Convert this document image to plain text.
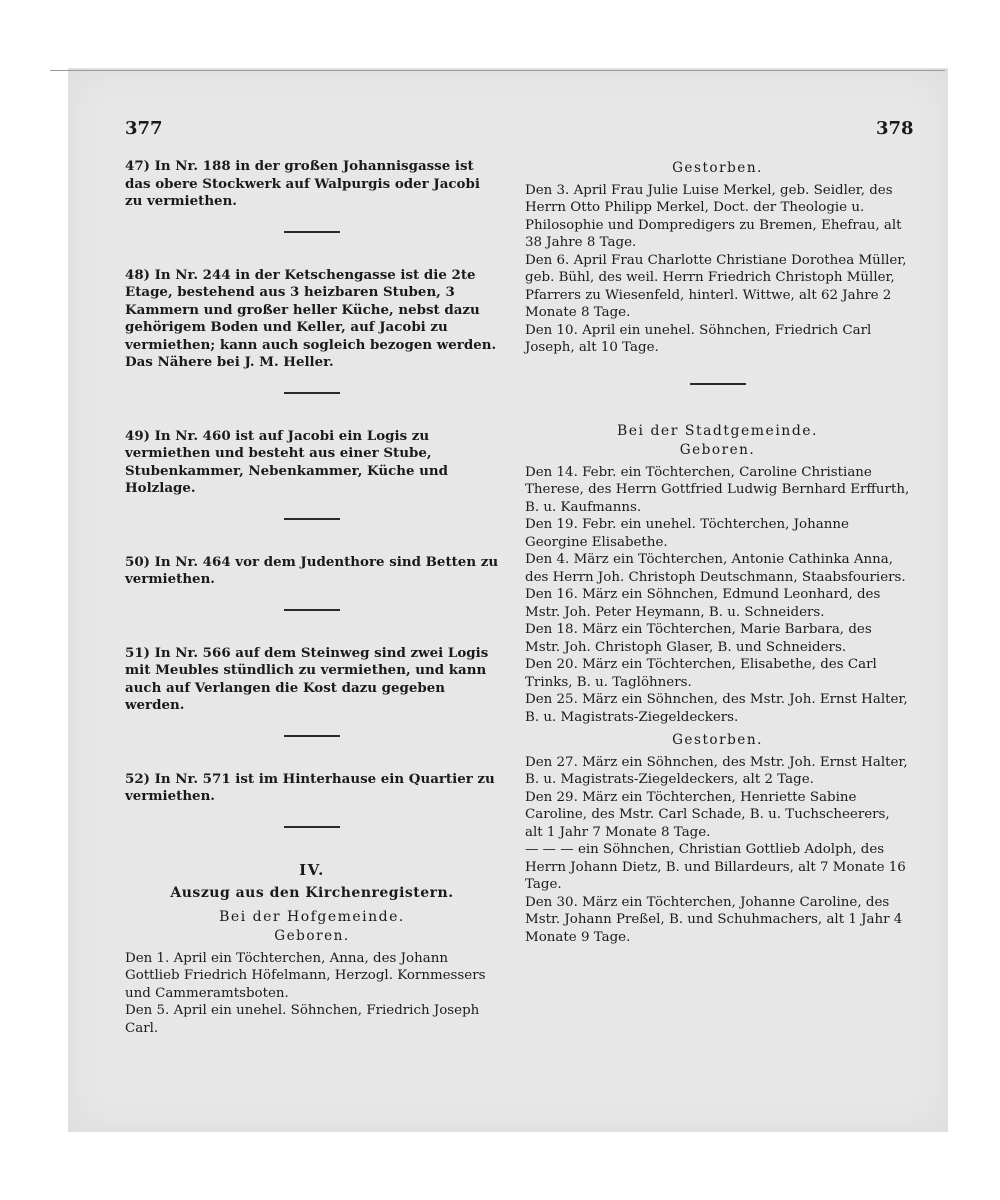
377	378

47) In Nr. 188 in der großen Johannisgasse ist das obere Stockwerk auf Walpurgis oder Jacobi zu vermiethen.

48) In Nr. 244 in der Ketschengasse ist die 2te Etage, bestehend aus 3 heizbaren Stuben, 3 Kammern und großer heller Küche, nebst dazu gehörigem Boden und Keller, auf Jacobi zu vermiethen; kann auch sogleich bezogen werden. Das Nähere bei J. M. Heller.

49) In Nr. 460 ist auf Jacobi ein Logis zu vermiethen und besteht aus einer Stube, Stubenkammer, Nebenkammer, Küche und Holzlage.

50) In Nr. 464 vor dem Judenthore sind Betten zu vermiethen.

51) In Nr. 566 auf dem Steinweg sind zwei Logis mit Meubles stündlich zu vermiethen, und kann auch auf Verlangen die Kost dazu gegeben werden.

52) In Nr. 571 ist im Hinterhause ein Quartier zu vermiethen.

IV.

Auszug aus den Kirchenregistern.

Bei der Hofgemeinde.

Geboren.

Den 1. April ein Töchterchen, Anna, des Johann Gottlieb Friedrich Höfelmann, Herzogl. Kornmessers und Cammeramtsboten.

Den 5. April ein unehel. Söhnchen, Friedrich Joseph Carl.

Gestorben.

Den 3. April Frau Julie Luise Merkel, geb. Seidler, des Herrn Otto Philipp Merkel, Doct. der Theologie u. Philosophie und Dompredigers zu Bremen, Ehefrau, alt 38 Jahre 8 Tage.

Den 6. April Frau Charlotte Christiane Dorothea Müller, geb. Bühl, des weil. Herrn Friedrich Christoph Müller, Pfarrers zu Wiesenfeld, hinterl. Wittwe, alt 62 Jahre 2 Monate 8 Tage.

Den 10. April ein unehel. Söhnchen, Friedrich Carl Joseph, alt 10 Tage.

Bei der Stadtgemeinde.

Geboren.

Den 14. Febr. ein Töchterchen, Caroline Christiane Therese, des Herrn Gottfried Ludwig Bernhard Erffurth, B. u. Kaufmanns.

Den 19. Febr. ein unehel. Töchterchen, Johanne Georgine Elisabethe.

Den 4. März ein Töchterchen, Antonie Cathinka Anna, des Herrn Joh. Christoph Deutschmann, Staabsfouriers.

Den 16. März ein Söhnchen, Edmund Leonhard, des Mstr. Joh. Peter Heymann, B. u. Schneiders.

Den 18. März ein Töchterchen, Marie Barbara, des Mstr. Joh. Christoph Glaser, B. und Schneiders.

Den 20. März ein Töchterchen, Elisabethe, des Carl Trinks, B. u. Taglöhners.

Den 25. März ein Söhnchen, des Mstr. Joh. Ernst Halter, B. u. Magistrats-Ziegeldeckers.

Gestorben.

Den 27. März ein Söhnchen, des Mstr. Joh. Ernst Halter, B. u. Magistrats-Ziegeldeckers, alt 2 Tage.

Den 29. März ein Töchterchen, Henriette Sabine Caroline, des Mstr. Carl Schade, B. u. Tuchscheerers, alt 1 Jahr 7 Monate 8 Tage.

— — — ein Söhnchen, Christian Gottlieb Adolph, des Herrn Johann Dietz, B. und Billardeurs, alt 7 Monate 16 Tage.

Den 30. März ein Töchterchen, Johanne Caroline, des Mstr. Johann Preßel, B. und Schuhmachers, alt 1 Jahr 4 Monate 9 Tage.
